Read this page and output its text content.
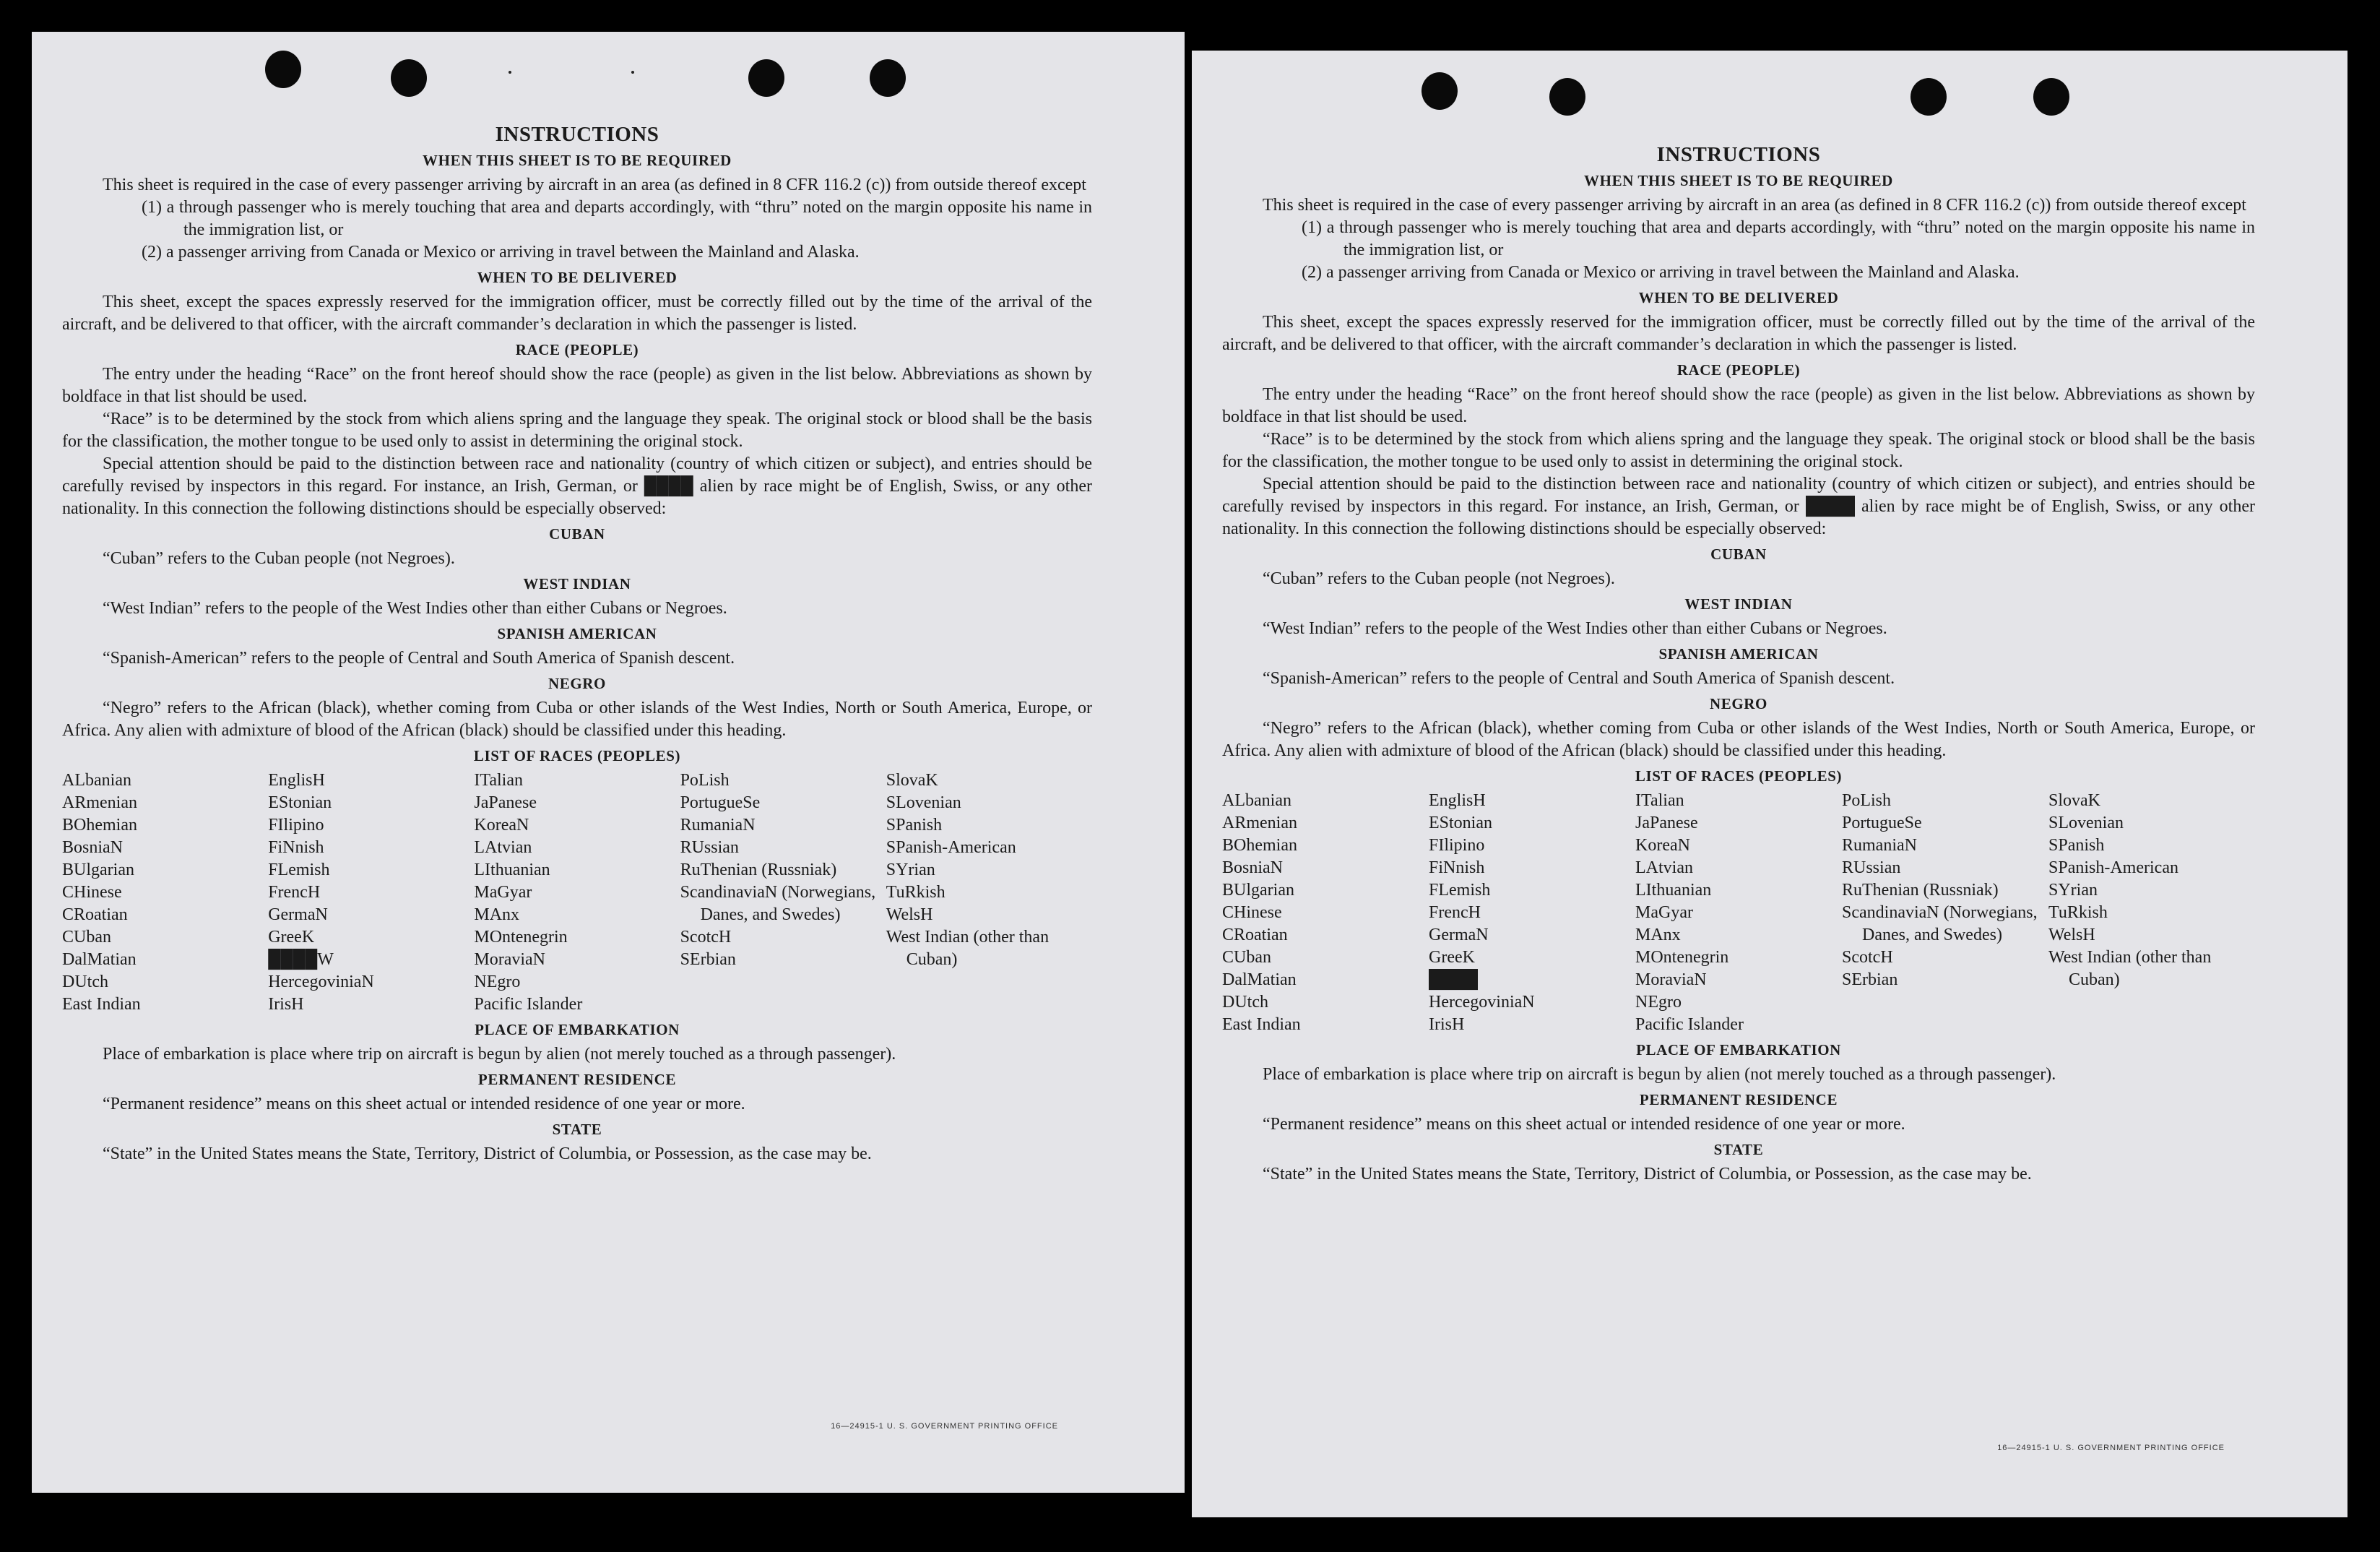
INSTRUCTIONS
WHEN THIS SHEET IS TO BE REQUIRED

This sheet is required in the case of every passenger arriving by aircraft in an area (as defined in 8 CFR 116.2 (c)) from outside thereof except

(1) a through passenger who is merely touching that area and departs accordingly, with “thru” noted on the margin opposite his name in the immigration list, or

(2) a passenger arriving from Canada or Mexico or arriving in travel between the Mainland and Alaska.

WHEN TO BE DELIVERED

This sheet, except the spaces expressly reserved for the immigration officer, must be correctly filled out by the time of the arrival of the aircraft, and be delivered to that officer, with the aircraft commander’s declaration in which the passenger is listed.

RACE (PEOPLE)

The entry under the heading “Race” on the front hereof should show the race (people) as given in the list below. Abbreviations as shown by boldface in that list should be used.

“Race” is to be determined by the stock from which aliens spring and the language they speak. The original stock or blood shall be the basis for the classification, the mother tongue to be used only to assist in determining the original stock.

Special attention should be paid to the distinction between race and nationality (country of which citizen or subject), and entries should be carefully revised by inspectors in this regard. For instance, an Irish, German, or ████ alien by race might be of English, Swiss, or any other nationality. In this connection the following distinctions should be especially observed:

CUBAN

“Cuban” refers to the Cuban people (not Negroes).

WEST INDIAN

“West Indian” refers to the people of the West Indies other than either Cubans or Negroes.

SPANISH AMERICAN

“Spanish-American” refers to the people of Central and South America of Spanish descent.

NEGRO

“Negro” refers to the African (black), whether coming from Cuba or other islands of the West Indies, North or South America, Europe, or Africa. Any alien with admixture of blood of the African (black) should be classified under this heading.

LIST OF RACES (PEOPLES)
ALbanian
ARmenian
BOhemian
BosniaN
BUlgarian
CHinese
CRoatian
CUban
DalMatian
DUtch
East Indian
EnglisH
EStonian
FIlipino
FiNnish
FLemish
FrencH
GermaN
GreeK
████W
HercegoviniaN
IrisH
ITalian
JaPanese
KoreaN
LAtvian
LIthuanian
MaGyar
MAnx
MOntenegrin
MoraviaN
NEgro
Pacific Islander
PoLish
PortugueSe
RumaniaN
RUssian
RuThenian (Russniak)
ScandinaviaN (Norwegians, Danes, and Swedes)
ScotcH
SErbian
SlovaK
SLovenian
SPanish
SPanish-American
SYrian
TuRkish
WelsH
West Indian (other than Cuban)
PLACE OF EMBARKATION

Place of embarkation is place where trip on aircraft is begun by alien (not merely touched as a through passenger).

PERMANENT RESIDENCE

“Permanent residence” means on this sheet actual or intended residence of one year or more.

STATE

“State” in the United States means the State, Territory, District of Columbia, or Possession, as the case may be.

16—24915-1 U. S. GOVERNMENT PRINTING OFFICE
INSTRUCTIONS
WHEN THIS SHEET IS TO BE REQUIRED

This sheet is required in the case of every passenger arriving by aircraft in an area (as defined in 8 CFR 116.2 (c)) from outside thereof except

(1) a through passenger who is merely touching that area and departs accordingly, with “thru” noted on the margin opposite his name in the immigration list, or

(2) a passenger arriving from Canada or Mexico or arriving in travel between the Mainland and Alaska.

WHEN TO BE DELIVERED

This sheet, except the spaces expressly reserved for the immigration officer, must be correctly filled out by the time of the arrival of the aircraft, and be delivered to that officer, with the aircraft commander’s declaration in which the passenger is listed.

RACE (PEOPLE)

The entry under the heading “Race” on the front hereof should show the race (people) as given in the list below. Abbreviations as shown by boldface in that list should be used.

“Race” is to be determined by the stock from which aliens spring and the language they speak. The original stock or blood shall be the basis for the classification, the mother tongue to be used only to assist in determining the original stock.

Special attention should be paid to the distinction between race and nationality (country of which citizen or subject), and entries should be carefully revised by inspectors in this regard. For instance, an Irish, German, or ████ alien by race might be of English, Swiss, or any other nationality. In this connection the following distinctions should be especially observed:

CUBAN

“Cuban” refers to the Cuban people (not Negroes).

WEST INDIAN

“West Indian” refers to the people of the West Indies other than either Cubans or Negroes.

SPANISH AMERICAN

“Spanish-American” refers to the people of Central and South America of Spanish descent.

NEGRO

“Negro” refers to the African (black), whether coming from Cuba or other islands of the West Indies, North or South America, Europe, or Africa. Any alien with admixture of blood of the African (black) should be classified under this heading.

LIST OF RACES (PEOPLES)
ALbanian
ARmenian
BOhemian
BosniaN
BUlgarian
CHinese
CRoatian
CUban
DalMatian
DUtch
East Indian
EnglisH
EStonian
FIlipino
FiNnish
FLemish
FrencH
GermaN
GreeK
████
HercegoviniaN
IrisH
ITalian
JaPanese
KoreaN
LAtvian
LIthuanian
MaGyar
MAnx
MOntenegrin
MoraviaN
NEgro
Pacific Islander
PoLish
PortugueSe
RumaniaN
RUssian
RuThenian (Russniak)
ScandinaviaN (Norwegians, Danes, and Swedes)
ScotcH
SErbian
SlovaK
SLovenian
SPanish
SPanish-American
SYrian
TuRkish
WelsH
West Indian (other than Cuban)
PLACE OF EMBARKATION

Place of embarkation is place where trip on aircraft is begun by alien (not merely touched as a through passenger).

PERMANENT RESIDENCE

“Permanent residence” means on this sheet actual or intended residence of one year or more.

STATE

“State” in the United States means the State, Territory, District of Columbia, or Possession, as the case may be.

16—24915-1 U. S. GOVERNMENT PRINTING OFFICE
